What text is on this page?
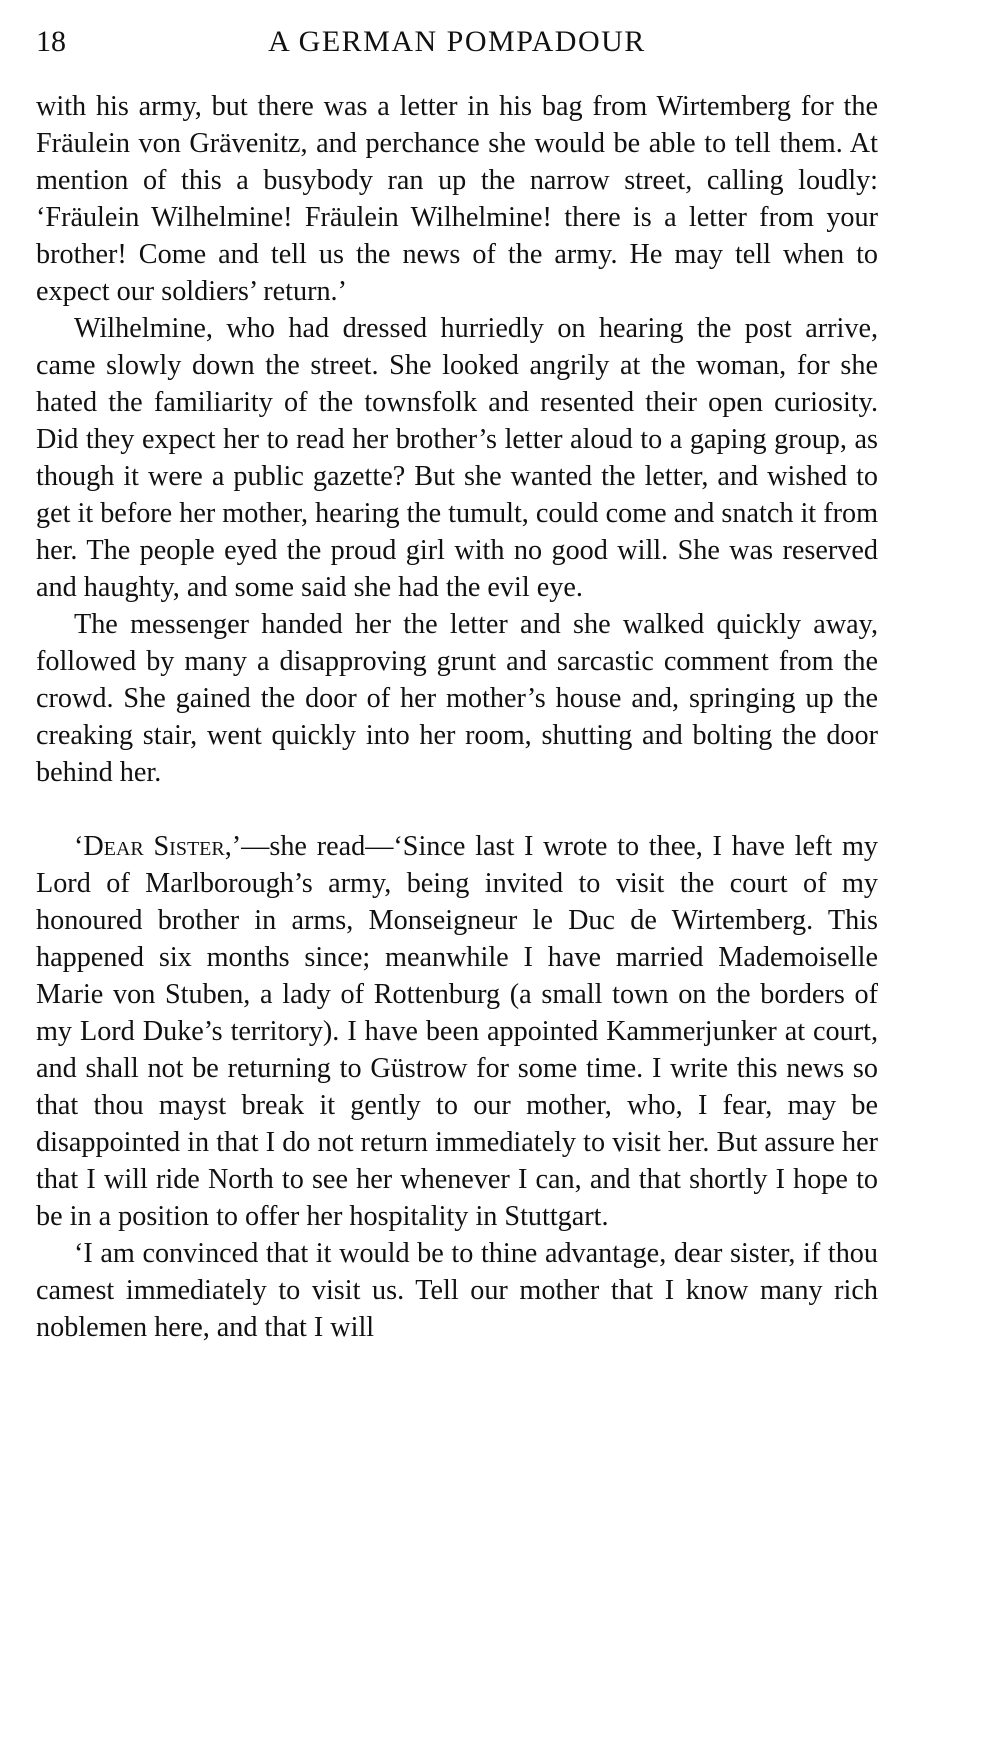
18	A GERMAN POMPADOUR

with his army, but there was a letter in his bag from Wirtemberg for the Fräulein von Grävenitz, and perchance she would be able to tell them. At mention of this a busybody ran up the narrow street, calling loudly: ‘Fräulein Wilhelmine! Fräulein Wilhelmine! there is a letter from your brother! Come and tell us the news of the army. He may tell when to expect our soldiers’ return.’

Wilhelmine, who had dressed hurriedly on hearing the post arrive, came slowly down the street. She looked angrily at the woman, for she hated the familiarity of the townsfolk and resented their open curiosity. Did they expect her to read her brother’s letter aloud to a gaping group, as though it were a public gazette? But she wanted the letter, and wished to get it before her mother, hearing the tumult, could come and snatch it from her. The people eyed the proud girl with no good will. She was reserved and haughty, and some said she had the evil eye.

The messenger handed her the letter and she walked quickly away, followed by many a disapproving grunt and sarcastic comment from the crowd. She gained the door of her mother’s house and, springing up the creaking stair, went quickly into her room, shutting and bolting the door behind her.

‘Dear Sister,’—she read—‘Since last I wrote to thee, I have left my Lord of Marlborough’s army, being invited to visit the court of my honoured brother in arms, Monseigneur le Duc de Wirtemberg. This happened six months since; meanwhile I have married Mademoiselle Marie von Stuben, a lady of Rottenburg (a small town on the borders of my Lord Duke’s territory). I have been appointed Kammerjunker at court, and shall not be returning to Güstrow for some time. I write this news so that thou mayst break it gently to our mother, who, I fear, may be disappointed in that I do not return immediately to visit her. But assure her that I will ride North to see her whenever I can, and that shortly I hope to be in a position to offer her hospitality in Stuttgart.

‘I am convinced that it would be to thine advantage, dear sister, if thou camest immediately to visit us. Tell our mother that I know many rich noblemen here, and that I will
